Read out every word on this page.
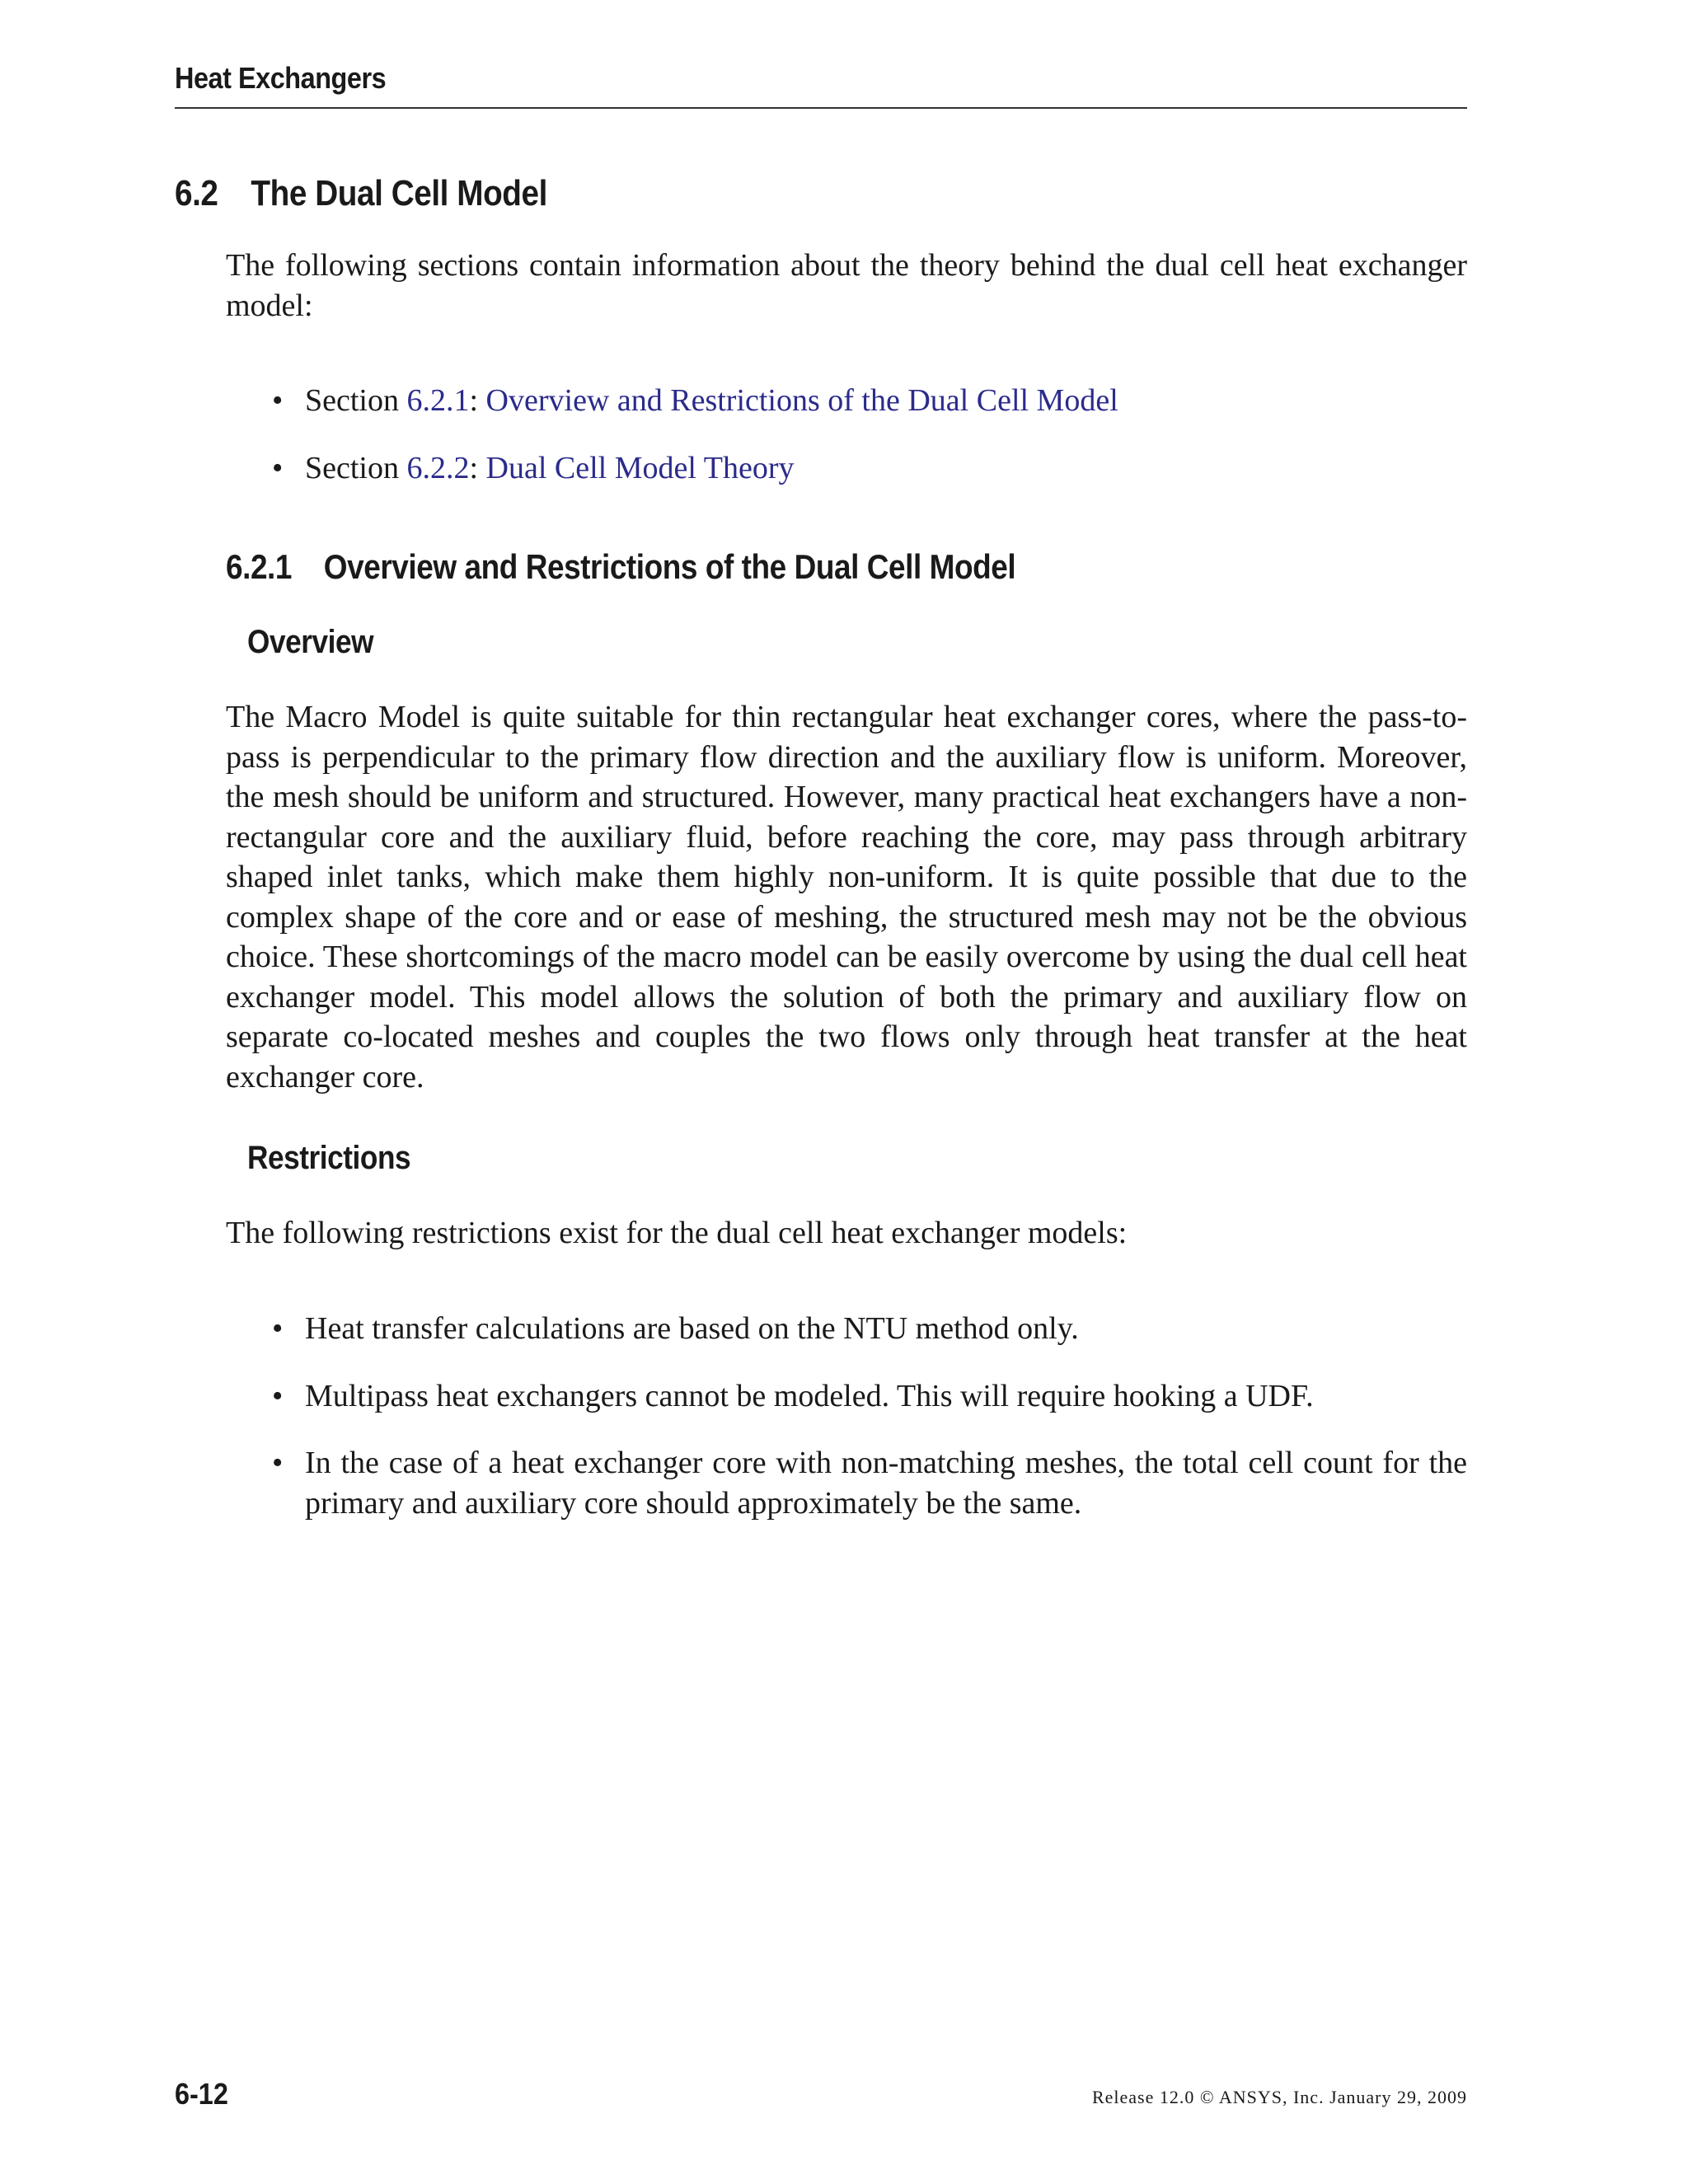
Heat Exchangers
6.2 The Dual Cell Model

The following sections contain information about the theory behind the dual cell heat exchanger model:

• Section 6.2.1: Overview and Restrictions of the Dual Cell Model
• Section 6.2.2: Dual Cell Model Theory
6.2.1 Overview and Restrictions of the Dual Cell Model
Overview

The Macro Model is quite suitable for thin rectangular heat exchanger cores, where the pass-to-pass is perpendicular to the primary flow direction and the auxiliary flow is uniform. Moreover, the mesh should be uniform and structured. However, many practical heat exchangers have a non-rectangular core and the auxiliary fluid, before reaching the core, may pass through arbitrary shaped inlet tanks, which make them highly non-uniform. It is quite possible that due to the complex shape of the core and or ease of meshing, the structured mesh may not be the obvious choice. These shortcomings of the macro model can be easily overcome by using the dual cell heat exchanger model. This model allows the solution of both the primary and auxiliary flow on separate co-located meshes and couples the two flows only through heat transfer at the heat exchanger core.

Restrictions

The following restrictions exist for the dual cell heat exchanger models:

• Heat transfer calculations are based on the NTU method only.
• Multipass heat exchangers cannot be modeled. This will require hooking a UDF.
• In the case of a heat exchanger core with non-matching meshes, the total cell count for the primary and auxiliary core should approximately be the same.
6-12	Release 12.0 © ANSYS, Inc. January 29, 2009
